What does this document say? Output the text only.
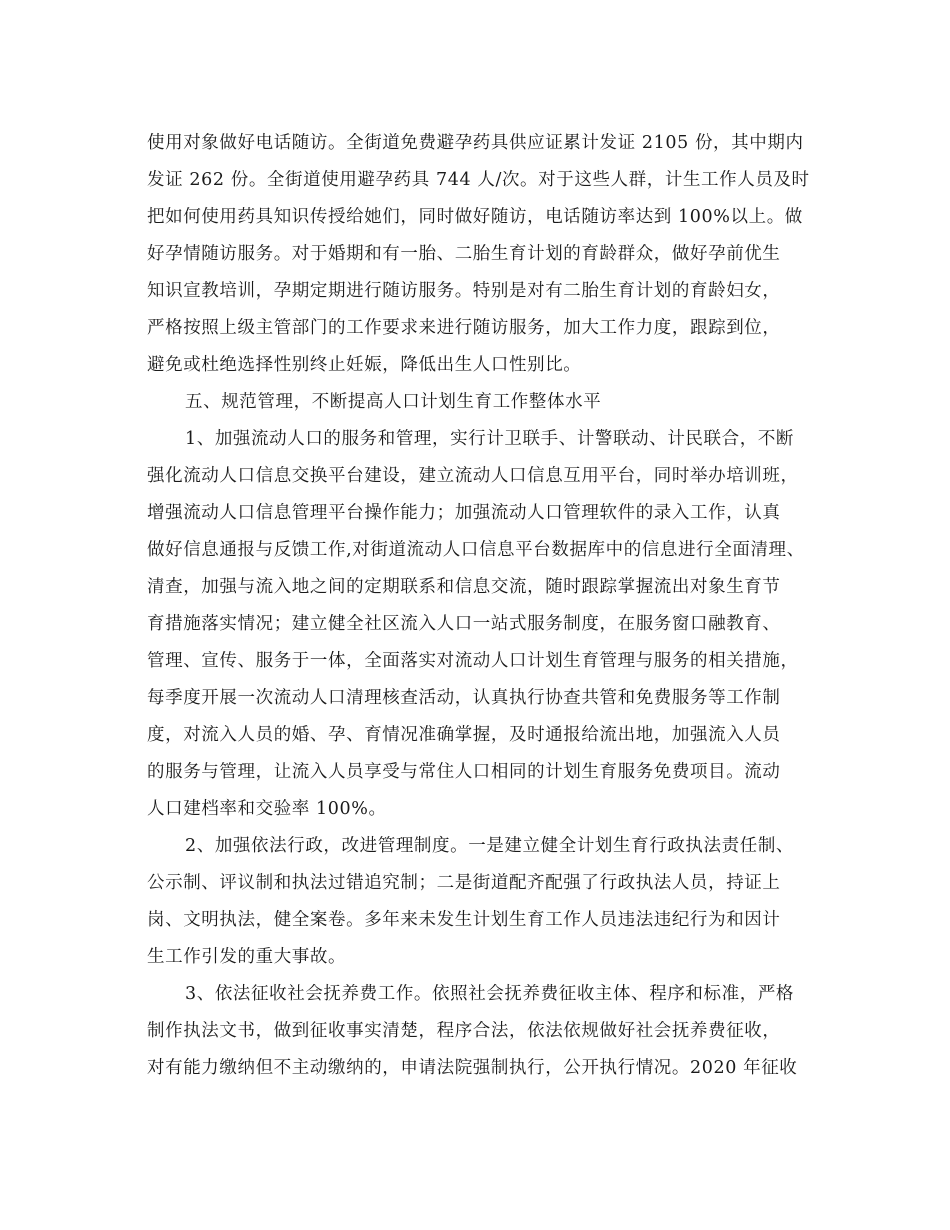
使用对象做好电话随访。全街道免费避孕药具供应证累计发证 2105 份，其中期内
发证 262 份。全街道使用避孕药具 744 人/次。对于这些人群，计生工作人员及时
把如何使用药具知识传授给她们，同时做好随访，电话随访率达到 100%以上。做
好孕情随访服务。对于婚期和有一胎、二胎生育计划的育龄群众，做好孕前优生
知识宣教培训，孕期定期进行随访服务。特别是对有二胎生育计划的育龄妇女，
严格按照上级主管部门的工作要求来进行随访服务，加大工作力度，跟踪到位，
避免或杜绝选择性别终止妊娠，降低出生人口性别比。
五、规范管理，不断提高人口计划生育工作整体水平
1、加强流动人口的服务和管理，实行计卫联手、计警联动、计民联合，不断
强化流动人口信息交换平台建设，建立流动人口信息互用平台，同时举办培训班，
增强流动人口信息管理平台操作能力；加强流动人口管理软件的录入工作，认真
做好信息通报与反馈工作,对街道流动人口信息平台数据库中的信息进行全面清理、
清查，加强与流入地之间的定期联系和信息交流，随时跟踪掌握流出对象生育节
育措施落实情况；建立健全社区流入人口一站式服务制度，在服务窗口融教育、
管理、宣传、服务于一体，全面落实对流动人口计划生育管理与服务的相关措施，
每季度开展一次流动人口清理核查活动，认真执行协查共管和免费服务等工作制
度，对流入人员的婚、孕、育情况准确掌握，及时通报给流出地，加强流入人员
的服务与管理，让流入人员享受与常住人口相同的计划生育服务免费项目。流动
人口建档率和交验率 100%。
2、加强依法行政，改进管理制度。一是建立健全计划生育行政执法责任制、
公示制、评议制和执法过错追究制；二是街道配齐配强了行政执法人员，持证上
岗、文明执法，健全案卷。多年来未发生计划生育工作人员违法违纪行为和因计
生工作引发的重大事故。
3、依法征收社会抚养费工作。依照社会抚养费征收主体、程序和标准，严格
制作执法文书，做到征收事实清楚，程序合法，依法依规做好社会抚养费征收，
对有能力缴纳但不主动缴纳的，申请法院强制执行，公开执行情况。2020 年征收
